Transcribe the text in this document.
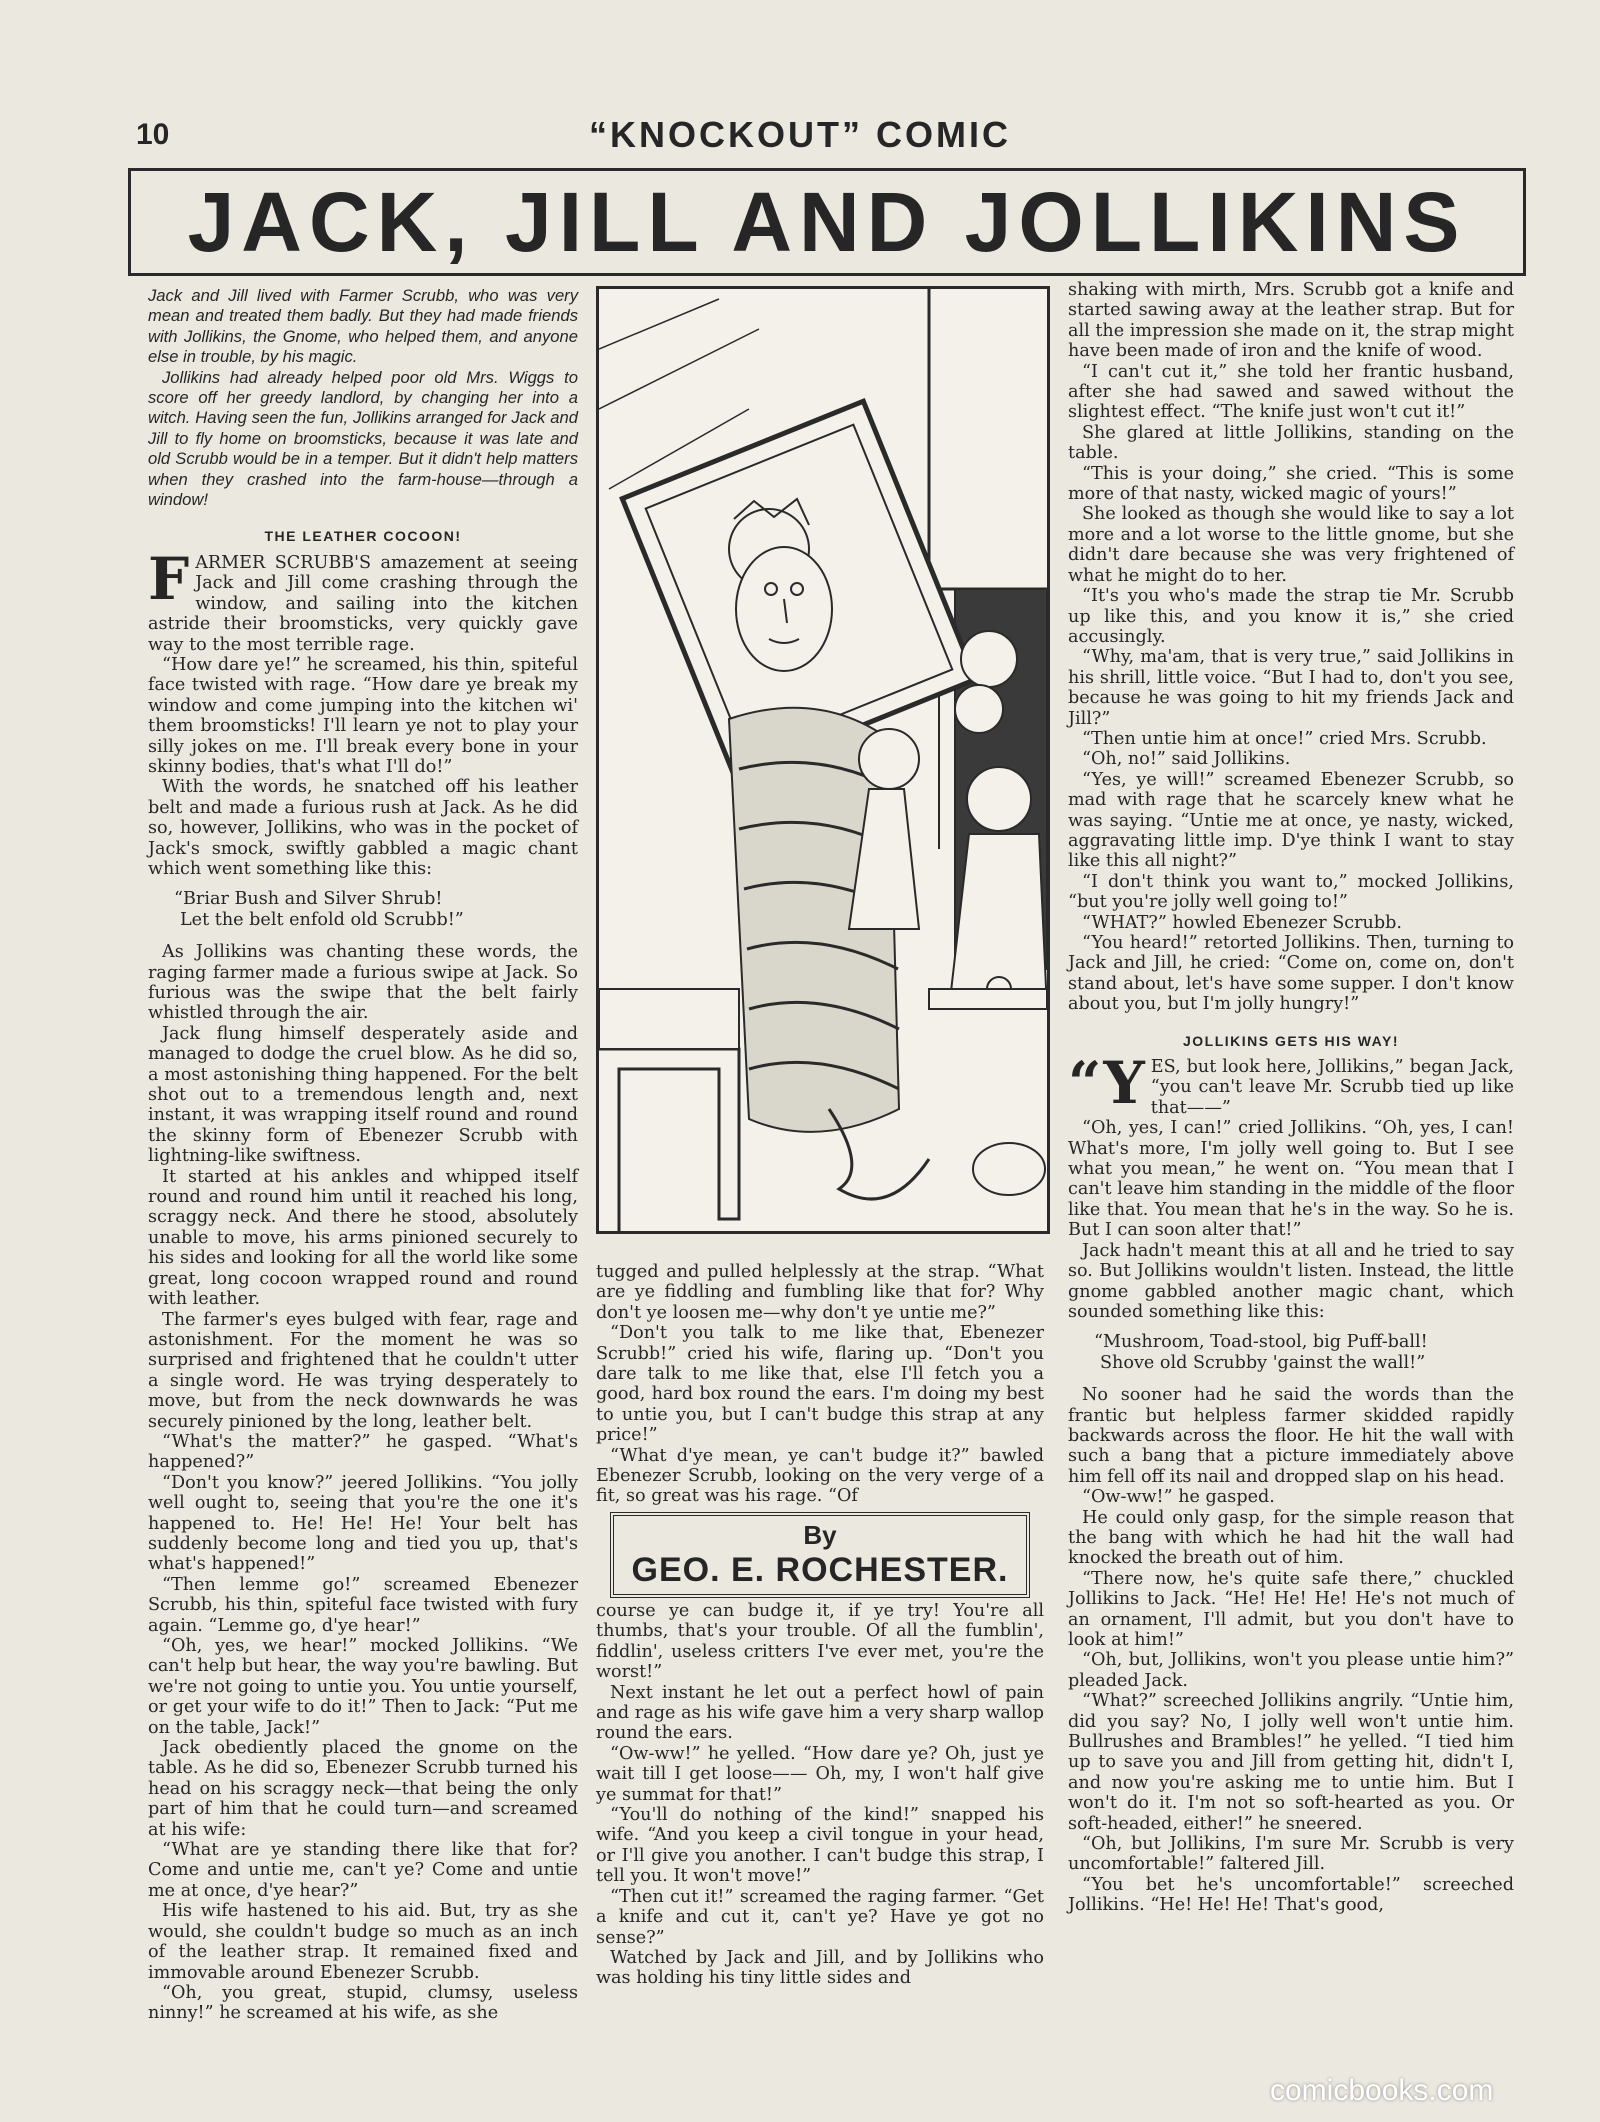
10	“KNOCKOUT” COMIC
JACK, JILL AND JOLLIKINS

Jack and Jill lived with Farmer Scrubb, who was very mean and treated them badly. But they had made friends with Jollikins, the Gnome, who helped them, and anyone else in trouble, by his magic.

Jollikins had already helped poor old Mrs. Wiggs to score off her greedy landlord, by changing her into a witch. Having seen the fun, Jollikins arranged for Jack and Jill to fly home on broomsticks, because it was late and old Scrubb would be in a temper. But it didn't help matters when they crashed into the farm-house—through a window!

THE LEATHER COCOON!

FARMER SCRUBB'S amazement at seeing Jack and Jill come crashing through the window, and sailing into the kitchen astride their broomsticks, very quickly gave way to the most terrible rage.

“How dare ye!” he screamed, his thin, spiteful face twisted with rage. “How dare ye break my window and come jumping into the kitchen wi' them broomsticks! I'll learn ye not to play your silly jokes on me. I'll break every bone in your skinny bodies, that's what I'll do!”

With the words, he snatched off his leather belt and made a furious rush at Jack. As he did so, however, Jollikins, who was in the pocket of Jack's smock, swiftly gabbled a magic chant which went something like this:

“Briar Bush and Silver Shrub!
Let the belt enfold old Scrubb!”

As Jollikins was chanting these words, the raging farmer made a furious swipe at Jack. So furious was the swipe that the belt fairly whistled through the air.

Jack flung himself desperately aside and managed to dodge the cruel blow. As he did so, a most astonishing thing happened. For the belt shot out to a tremendous length and, next instant, it was wrapping itself round and round the skinny form of Ebenezer Scrubb with lightning-like swiftness.

It started at his ankles and whipped itself round and round him until it reached his long, scraggy neck. And there he stood, absolutely unable to move, his arms pinioned securely to his sides and looking for all the world like some great, long cocoon wrapped round and round with leather.

The farmer's eyes bulged with fear, rage and astonishment. For the moment he was so surprised and frightened that he couldn't utter a single word. He was trying desperately to move, but from the neck downwards he was securely pinioned by the long, leather belt.

“What's the matter?” he gasped. “What's happened?”

“Don't you know?” jeered Jollikins. “You jolly well ought to, seeing that you're the one it's happened to. He! He! He! Your belt has suddenly become long and tied you up, that's what's happened!”

“Then lemme go!” screamed Ebenezer Scrubb, his thin, spiteful face twisted with fury again. “Lemme go, d'ye hear!”

“Oh, yes, we hear!” mocked Jollikins. “We can't help but hear, the way you're bawling. But we're not going to untie you. You untie yourself, or get your wife to do it!” Then to Jack: “Put me on the table, Jack!”

Jack obediently placed the gnome on the table. As he did so, Ebenezer Scrubb turned his head on his scraggy neck—that being the only part of him that he could turn—and screamed at his wife:

“What are ye standing there like that for? Come and untie me, can't ye? Come and untie me at once, d'ye hear?”

His wife hastened to his aid. But, try as she would, she couldn't budge so much as an inch of the leather strap. It remained fixed and immovable around Ebenezer Scrubb.

“Oh, you great, stupid, clumsy, useless ninny!” he screamed at his wife, as she

tugged and pulled helplessly at the strap. “What are ye fiddling and fumbling like that for? Why don't ye loosen me—why don't ye untie me?”

“Don't you talk to me like that, Ebenezer Scrubb!” cried his wife, flaring up. “Don't you dare talk to me like that, else I'll fetch you a good, hard box round the ears. I'm doing my best to untie you, but I can't budge this strap at any price!”

“What d'ye mean, ye can't budge it?” bawled Ebenezer Scrubb, looking on the very verge of a fit, so great was his rage. “Of

By
GEO. E. ROCHESTER.

course ye can budge it, if ye try! You're all thumbs, that's your trouble. Of all the fumblin', fiddlin', useless critters I've ever met, you're the worst!”

Next instant he let out a perfect howl of pain and rage as his wife gave him a very sharp wallop round the ears.

“Ow-ww!” he yelled. “How dare ye? Oh, just ye wait till I get loose—— Oh, my, I won't half give ye summat for that!”

“You'll do nothing of the kind!” snapped his wife. “And you keep a civil tongue in your head, or I'll give you another. I can't budge this strap, I tell you. It won't move!”

“Then cut it!” screamed the raging farmer. “Get a knife and cut it, can't ye? Have ye got no sense?”

Watched by Jack and Jill, and by Jollikins who was holding his tiny little sides and

shaking with mirth, Mrs. Scrubb got a knife and started sawing away at the leather strap. But for all the impression she made on it, the strap might have been made of iron and the knife of wood.

“I can't cut it,” she told her frantic husband, after she had sawed and sawed without the slightest effect. “The knife just won't cut it!”

She glared at little Jollikins, standing on the table.

“This is your doing,” she cried. “This is some more of that nasty, wicked magic of yours!”

She looked as though she would like to say a lot more and a lot worse to the little gnome, but she didn't dare because she was very frightened of what he might do to her.

“It's you who's made the strap tie Mr. Scrubb up like this, and you know it is,” she cried accusingly.

“Why, ma'am, that is very true,” said Jollikins in his shrill, little voice. “But I had to, don't you see, because he was going to hit my friends Jack and Jill?”

“Then untie him at once!” cried Mrs. Scrubb.

“Oh, no!” said Jollikins.

“Yes, ye will!” screamed Ebenezer Scrubb, so mad with rage that he scarcely knew what he was saying. “Untie me at once, ye nasty, wicked, aggravating little imp. D'ye think I want to stay like this all night?”

“I don't think you want to,” mocked Jollikins, “but you're jolly well going to!”

“WHAT?” howled Ebenezer Scrubb.

“You heard!” retorted Jollikins. Then, turning to Jack and Jill, he cried: “Come on, come on, don't stand about, let's have some supper. I don't know about you, but I'm jolly hungry!”

JOLLIKINS GETS HIS WAY!

“ Y ES, but look here, Jollikins,” began Jack, “you can't leave Mr. Scrubb tied up like that——”

“Oh, yes, I can!” cried Jollikins. “Oh, yes, I can! What's more, I'm jolly well going to. But I see what you mean,” he went on. “You mean that I can't leave him standing in the middle of the floor like that. You mean that he's in the way. So he is. But I can soon alter that!”

Jack hadn't meant this at all and he tried to say so. But Jollikins wouldn't listen. Instead, the little gnome gabbled another magic chant, which sounded something like this:

“Mushroom, Toad-stool, big Puff-ball!
Shove old Scrubby 'gainst the wall!”

No sooner had he said the words than the frantic but helpless farmer skidded rapidly backwards across the floor. He hit the wall with such a bang that a picture immediately above him fell off its nail and dropped slap on his head.

“Ow-ww!” he gasped.

He could only gasp, for the simple reason that the bang with which he had hit the wall had knocked the breath out of him.

“There now, he's quite safe there,” chuckled Jollikins to Jack. “He! He! He! He's not much of an ornament, I'll admit, but you don't have to look at him!”

“Oh, but, Jollikins, won't you please untie him?” pleaded Jack.

“What?” screeched Jollikins angrily. “Untie him, did you say? No, I jolly well won't untie him. Bullrushes and Brambles!” he yelled. “I tied him up to save you and Jill from getting hit, didn't I, and now you're asking me to untie him. But I won't do it. I'm not so soft-hearted as you. Or soft-headed, either!” he sneered.

“Oh, but Jollikins, I'm sure Mr. Scrubb is very uncomfortable!” faltered Jill.

“You bet he's uncomfortable!” screeched Jollikins. “He! He! He! That's good,

comicbooks.com
